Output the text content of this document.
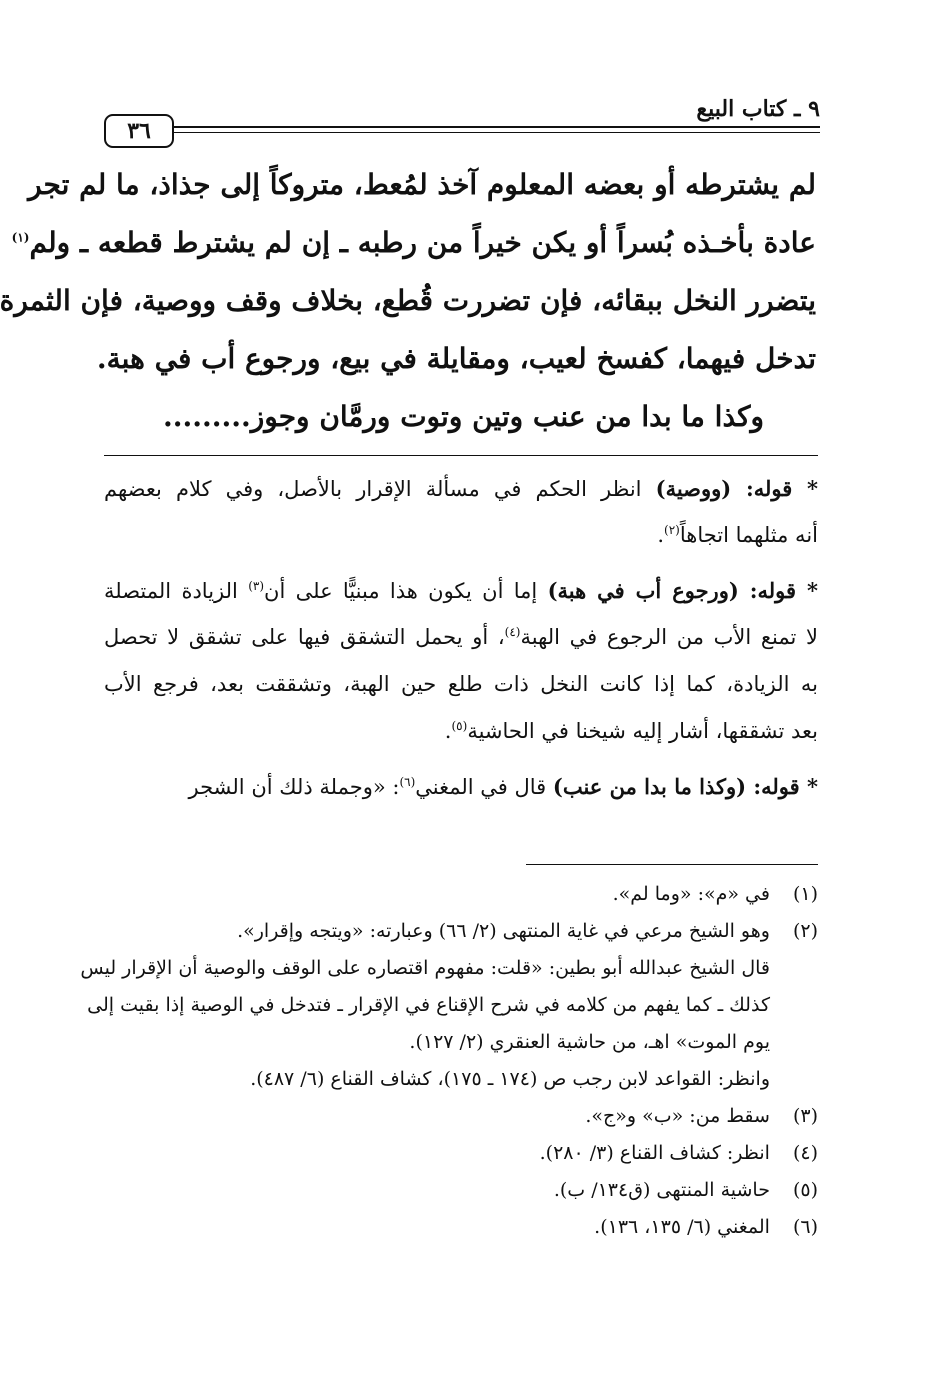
٩ ـ كتاب البيع
٣٦
لم يشترطه أو بعضه المعلوم آخذ لمُعط، متروكاً إلى جذاذ، ما لم تجر
عادة بأخـذه بُسراً أو يكن خيراً من رطبه ـ إن لم يشترط قطعه ـ ولم$^{(١)}$
يتضرر النخل ببقائه، فإن تضررت قُطع، بخلاف وقف ووصية، فإن الثمرة
تدخل فيهما، كفسخ لعيب، ومقايلة في بيع، ورجوع أب في هبة.
وكذا ما بدا من عنب وتين وتوت ورمَّان وجوز.........
* قوله: (ووصية) انظر الحكم في مسألة الإقرار بالأصل، وفي كلام بعضهم
أنه مثلهما اتجاهاً$^{(٢)}$.
* قوله: (ورجوع أب في هبة) إما أن يكون هذا مبنيًّا على أن$^{(٣)}$ الزيادة المتصلة
لا تمنع الأب من الرجوع في الهبة$^{(٤)}$، أو يحمل التشقق فيها على تشقق لا تحصل
به الزيادة، كما إذا كانت النخل ذات طلع حين الهبة، وتشققت بعد، فرجع الأب
بعد تشققها، أشار إليه شيخنا في الحاشية$^{(٥)}$.
* قوله: (وكذا ما بدا من عنب) قال في المغني$^{(٦)}$: «وجملة ذلك أن الشجر
(١) في «م»: «وما لم».
(٢) وهو الشيخ مرعي في غاية المنتهى (٢/ ٦٦) وعبارته: «ويتجه وإقرار».
قال الشيخ عبدالله أبو بطين: «قلت: مفهوم اقتصاره على الوقف والوصية أن الإقرار ليس
كذلك ـ كما يفهم من كلامه في شرح الإقناع في الإقرار ـ فتدخل في الوصية إذا بقيت إلى
يوم الموت» اهـ، من حاشية العنقري (٢/ ١٢٧).
وانظر: القواعد لابن رجب ص (١٧٤ ـ ١٧٥)، كشاف القناع (٦/ ٤٨٧).
(٣) سقط من: «ب» و«ج».
(٤) انظر: كشاف القناع (٣/ ٢٨٠).
(٥) حاشية المنتهى (ق١٣٤/ ب).
(٦) المغني (٦/ ١٣٥، ١٣٦).
